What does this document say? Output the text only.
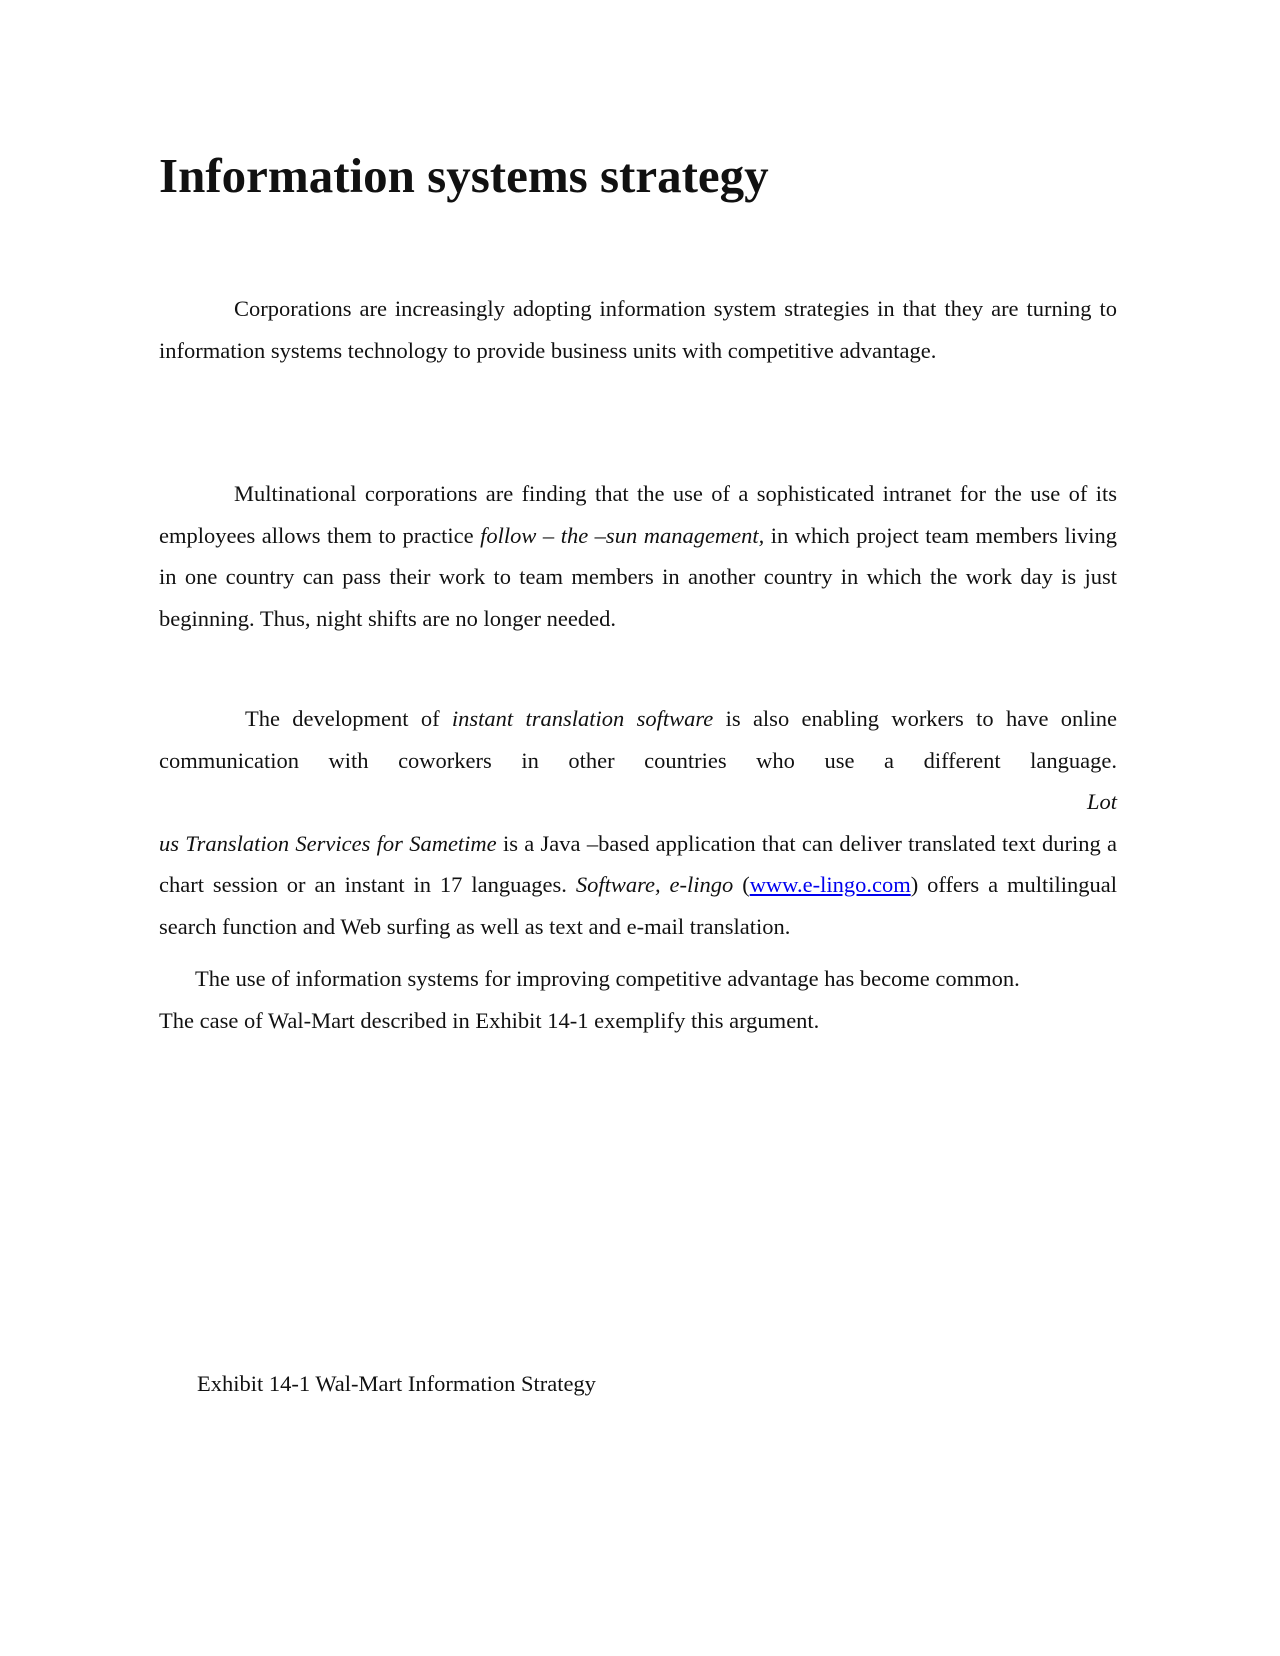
Information systems strategy

Corporations are increasingly adopting information system strategies in that they are turning to information systems technology to provide business units with competitive advantage.

Multinational corporations are finding that the use of a sophisticated intranet for the use of its employees allows them to practice follow – the –sun management, in which project team members living in one country can pass their work to team members in another country in which the work day is just beginning. Thus, night shifts are no longer needed.

The development of instant translation software is also enabling workers to have online communication with coworkers in other countries who use a different language.Lotus Translation Services for Sametime is a Java –based application that can deliver translated text during a chart session or an instant in 17 languages. Software, e-lingo (www.e-lingo.com) offers a multilingual search function and Web surfing as well as text and e-mail translation.

The use of information systems for improving competitive advantage has become common.
The case of Wal-Mart described in Exhibit 14-1 exemplify this argument.

Exhibit 14-1 Wal-Mart Information Strategy
